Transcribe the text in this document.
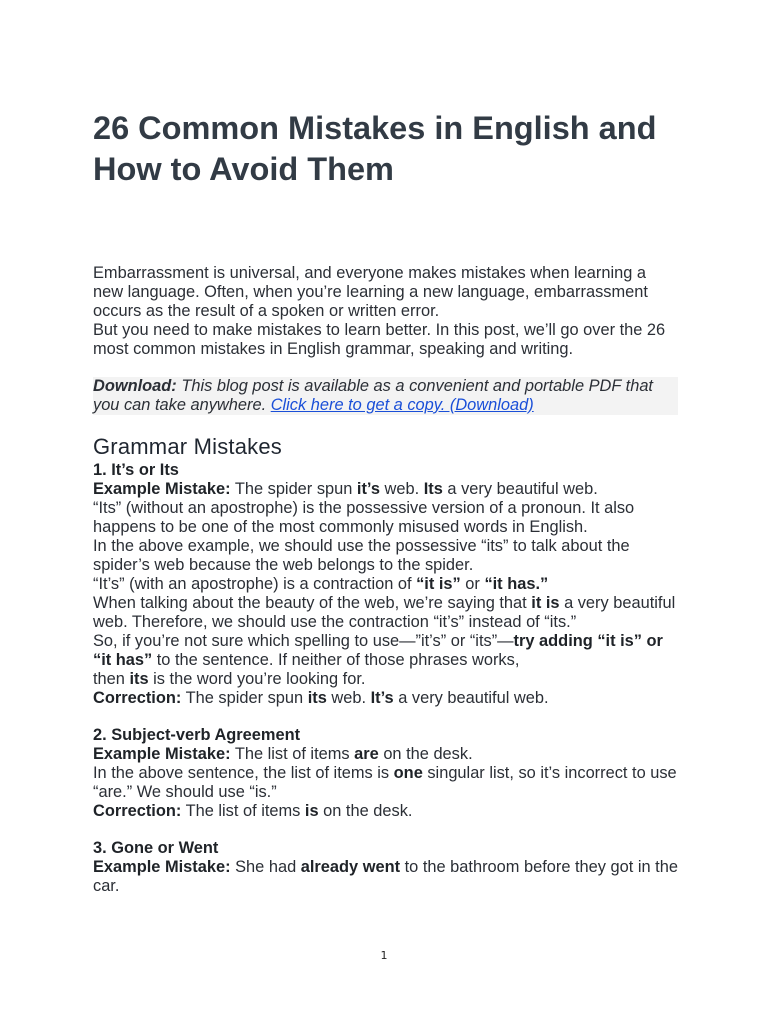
26 Common Mistakes in English and How to Avoid Them

Embarrassment is universal, and everyone makes mistakes when learning a new language. Often, when you’re learning a new language, embarrassment occurs as the result of a spoken or written error.

But you need to make mistakes to learn better. In this post, we’ll go over the 26 most common mistakes in English grammar, speaking and writing.

Download: This blog post is available as a convenient and portable PDF that you can take anywhere. Click here to get a copy. (Download)

Grammar Mistakes
1. It’s or Its

Example Mistake: The spider spun it’s web. Its a very beautiful web.

“Its” (without an apostrophe) is the possessive version of a pronoun. It also happens to be one of the most commonly misused words in English.

In the above example, we should use the possessive “its” to talk about the spider’s web because the web belongs to the spider.

“It’s” (with an apostrophe) is a contraction of “it is” or “it has.”

When talking about the beauty of the web, we’re saying that it is a very beautiful web. Therefore, we should use the contraction “it’s” instead of “its.”

So, if you’re not sure which spelling to use—”it’s” or “its”—try adding “it is” or “it has” to the sentence. If neither of those phrases works,

then its is the word you’re looking for.

Correction: The spider spun its web. It’s a very beautiful web.

2. Subject-verb Agreement

Example Mistake: The list of items are on the desk.

In the above sentence, the list of items is one singular list, so it’s incorrect to use “are.” We should use “is.”

Correction: The list of items is on the desk.

3. Gone or Went

Example Mistake: She had already went to the bathroom before they got in the car.

1
